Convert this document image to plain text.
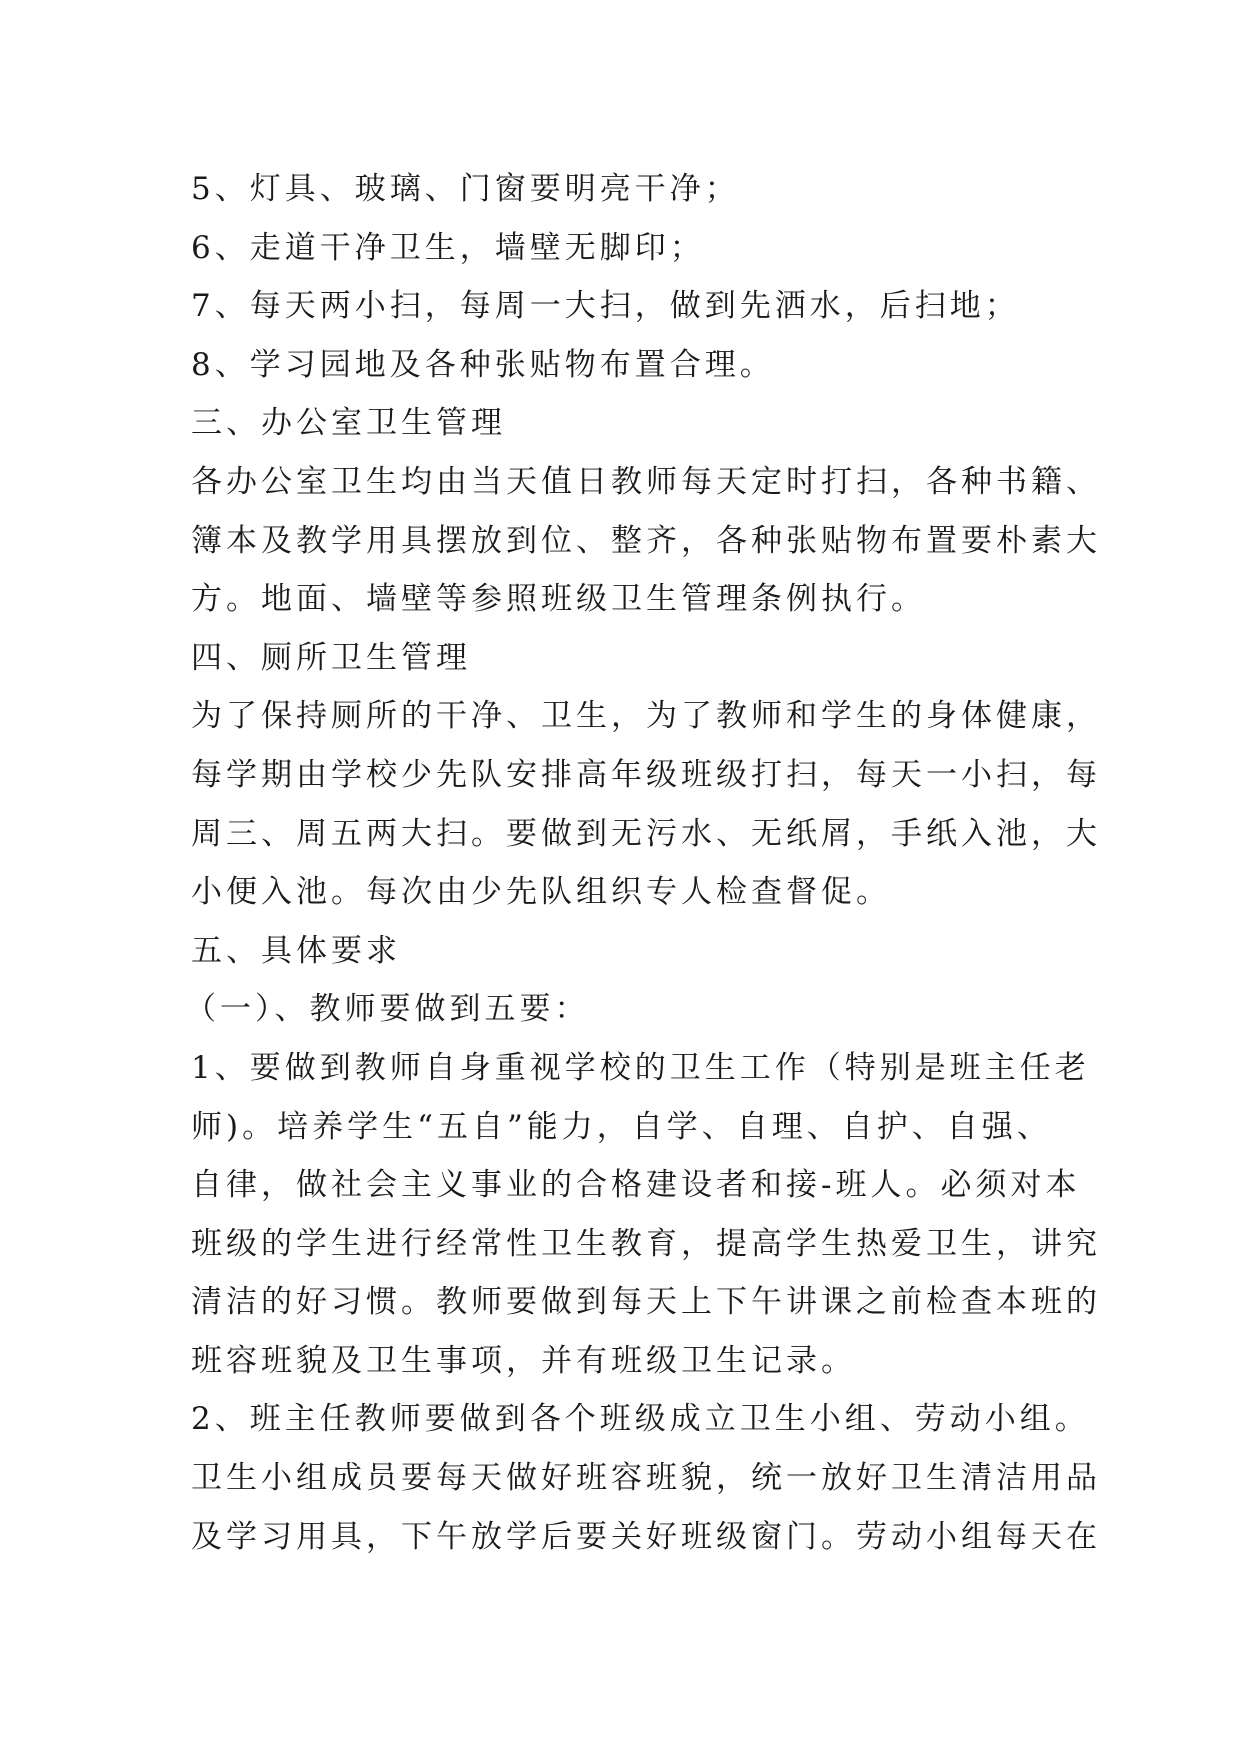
5、灯具、玻璃、门窗要明亮干净；
6、走道干净卫生，墙壁无脚印；
7、每天两小扫，每周一大扫，做到先洒水，后扫地；
8、学习园地及各种张贴物布置合理。
三、办公室卫生管理
各办公室卫生均由当天值日教师每天定时打扫，各种书籍、
簿本及教学用具摆放到位、整齐，各种张贴物布置要朴素大
方。地面、墙壁等参照班级卫生管理条例执行。
四、厕所卫生管理
为了保持厕所的干净、卫生，为了教师和学生的身体健康，
每学期由学校少先队安排高年级班级打扫，每天一小扫，每
周三、周五两大扫。要做到无污水、无纸屑，手纸入池，大
小便入池。每次由少先队组织专人检查督促。
五、具体要求
（一）、教师要做到五要：
1、要做到教师自身重视学校的卫生工作（特别是班主任老
师)。培养学生“五自”能力，自学、自理、自护、自强、
自律，做社会主义事业的合格建设者和接-班人。必须对本
班级的学生进行经常性卫生教育，提高学生热爱卫生，讲究
清洁的好习惯。教师要做到每天上下午讲课之前检查本班的
班容班貌及卫生事项，并有班级卫生记录。
2、班主任教师要做到各个班级成立卫生小组、劳动小组。
卫生小组成员要每天做好班容班貌，统一放好卫生清洁用品
及学习用具，下午放学后要关好班级窗门。劳动小组每天在
